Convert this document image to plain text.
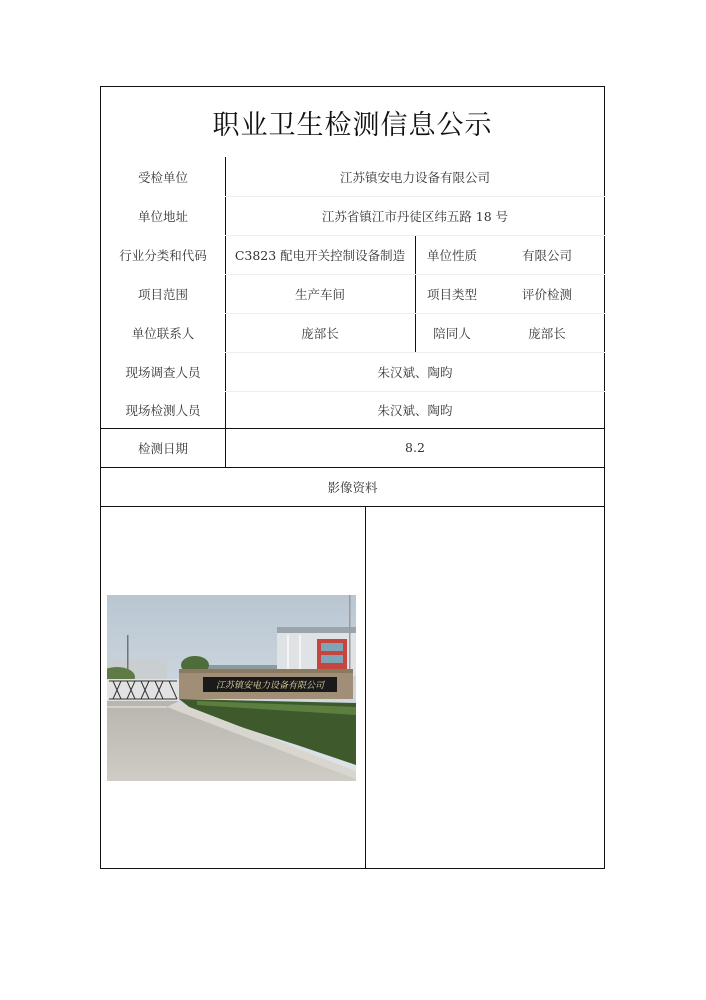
职业卫生检测信息公示
受检单位	江苏镇安电力设备有限公司
单位地址	江苏省镇江市丹徒区纬五路 18 号
行业分类和代码	C3823 配电开关控制设备制造	单位性质	有限公司
项目范围	生产车间	项目类型	评价检测
单位联系人	庞部长	陪同人	庞部长
现场调查人员	朱汉斌、陶昀
现场检测人员	朱汉斌、陶昀
检测日期	8.2
影像资料
江苏镇安电力设备有限公司
